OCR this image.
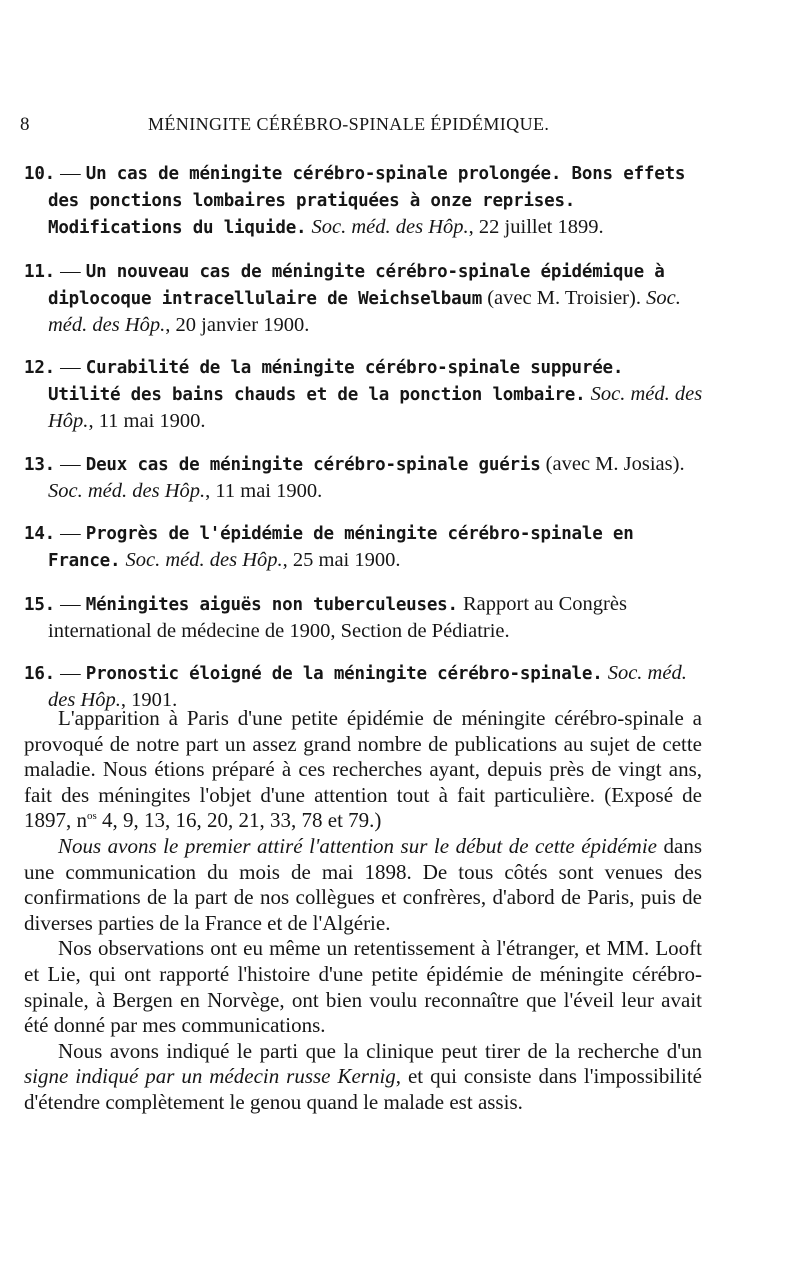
8	MÉNINGITE CÉRÉBRO-SPINALE ÉPIDÉMIQUE.
10. — Un cas de méningite cérébro-spinale prolongée. Bons effets des ponctions lombaires pratiquées à onze reprises. Modifications du liquide. Soc. méd. des Hôp., 22 juillet 1899.
11. — Un nouveau cas de méningite cérébro-spinale épidémique à diplocoque intracellulaire de Weichselbaum (avec M. Troisier). Soc. méd. des Hôp., 20 janvier 1900.
12. — Curabilité de la méningite cérébro-spinale suppurée. Utilité des bains chauds et de la ponction lombaire. Soc. méd. des Hôp., 11 mai 1900.
13. — Deux cas de méningite cérébro-spinale guéris (avec M. Josias). Soc. méd. des Hôp., 11 mai 1900.
14. — Progrès de l'épidémie de méningite cérébro-spinale en France. Soc. méd. des Hôp., 25 mai 1900.
15. — Méningites aiguës non tuberculeuses. Rapport au Congrès international de médecine de 1900, Section de Pédiatrie.
16. — Pronostic éloigné de la méningite cérébro-spinale. Soc. méd. des Hôp., 1901.

L'apparition à Paris d'une petite épidémie de méningite cérébro-spinale a provoqué de notre part un assez grand nombre de publications au sujet de cette maladie. Nous étions préparé à ces recherches ayant, depuis près de vingt ans, fait des méningites l'objet d'une attention tout à fait particulière. (Exposé de 1897, $n^{os}$ 4, 9, 13, 16, 20, 21, 33, 78 et 79.)

Nous avons le premier attiré l'attention sur le début de cette épidémie dans une communication du mois de mai 1898. De tous côtés sont venues des confirmations de la part de nos collègues et confrères, d'abord de Paris, puis de diverses parties de la France et de l'Algérie.

Nos observations ont eu même un retentissement à l'étranger, et MM. Looft et Lie, qui ont rapporté l'histoire d'une petite épidémie de méningite cérébro-spinale, à Bergen en Norvège, ont bien voulu reconnaître que l'éveil leur avait été donné par mes communications.

Nous avons indiqué le parti que la clinique peut tirer de la recherche d'un signe indiqué par un médecin russe Kernig, et qui consiste dans l'impossibilité d'étendre complètement le genou quand le malade est assis.
